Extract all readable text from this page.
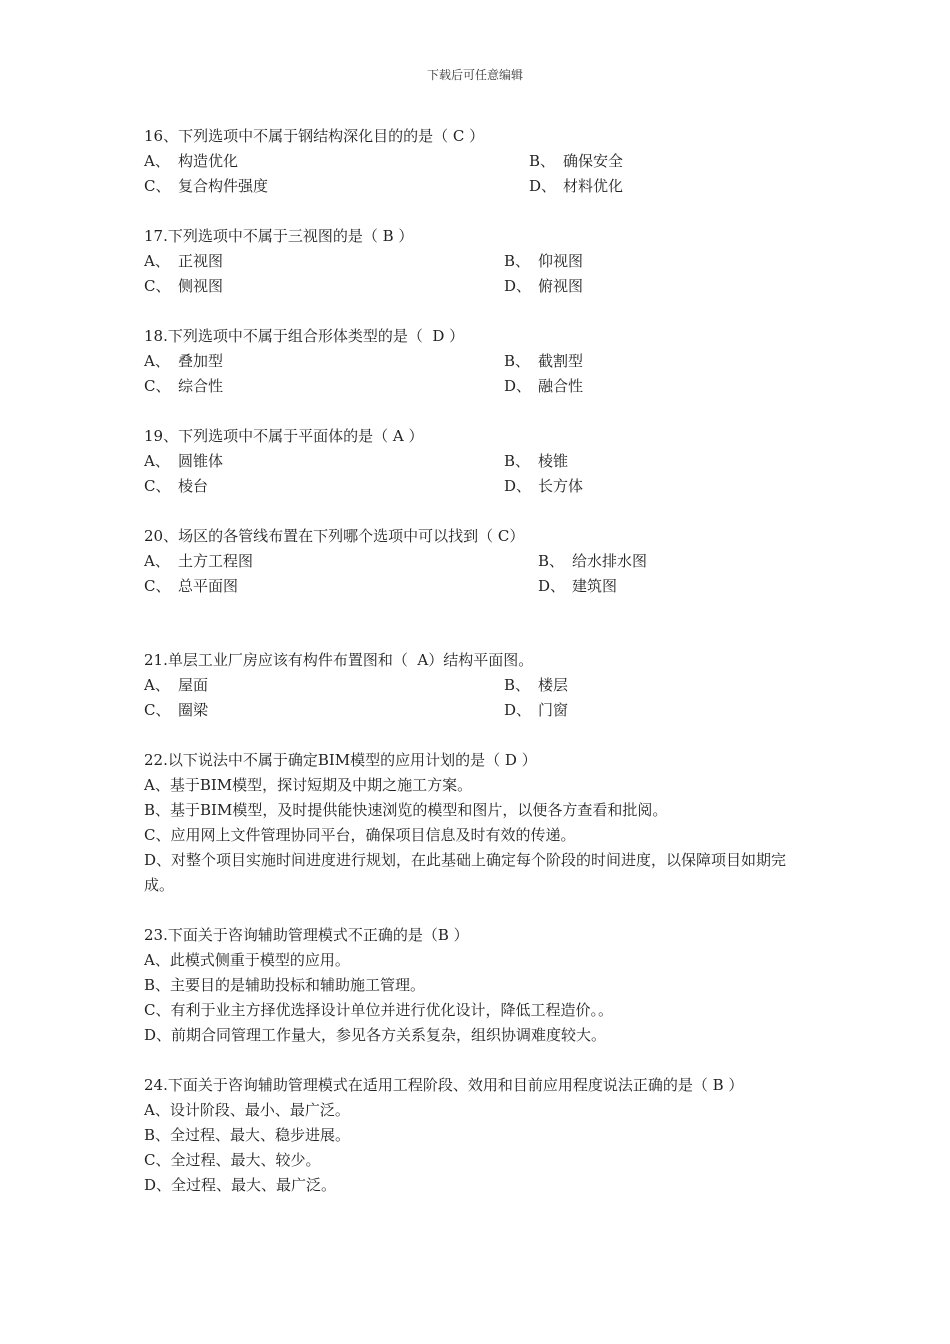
下载后可任意编辑
16、下列选项中不属于钢结构深化目的的是（ C ）
A、 构造优化	B、 确保安全
C、 复合构件强度	D、 材料优化
17.下列选项中不属于三视图的是（ B ）
A、 正视图	B、 仰视图
C、 侧视图	D、 俯视图
18.下列选项中不属于组合形体类型的是（  D ）
A、 叠加型	B、 截割型
C、 综合性	D、 融合性
19、下列选项中不属于平面体的是（ A ）
A、 圆锥体	B、 棱锥
C、 棱台	D、 长方体
20、场区的各管线布置在下列哪个选项中可以找到（ C）
A、 土方工程图	B、 给水排水图
C、 总平面图	D、 建筑图
21.单层工业厂房应该有构件布置图和（  A）结构平面图。
A、 屋面	B、 楼层
C、 圈梁	D、 门窗
22.以下说法中不属于确定BIM模型的应用计划的是（ D ）
A、基于BIM模型，探讨短期及中期之施工方案。
B、基于BIM模型，及时提供能快速浏览的模型和图片，以便各方查看和批阅。
C、应用网上文件管理协同平台，确保项目信息及时有效的传递。
D、对整个项目实施时间进度进行规划，在此基础上确定每个阶段的时间进度，以保障项目如期完成。
23.下面关于咨询辅助管理模式不正确的是（B ）
A、此模式侧重于模型的应用。
B、主要目的是辅助投标和辅助施工管理。
C、有利于业主方择优选择设计单位并进行优化设计，降低工程造价。。
D、前期合同管理工作量大，参见各方关系复杂，组织协调难度较大。
24.下面关于咨询辅助管理模式在适用工程阶段、效用和目前应用程度说法正确的是（ B ）
A、设计阶段、最小、最广泛。
B、全过程、最大、稳步进展。
C、全过程、最大、较少。
D、全过程、最大、最广泛。
